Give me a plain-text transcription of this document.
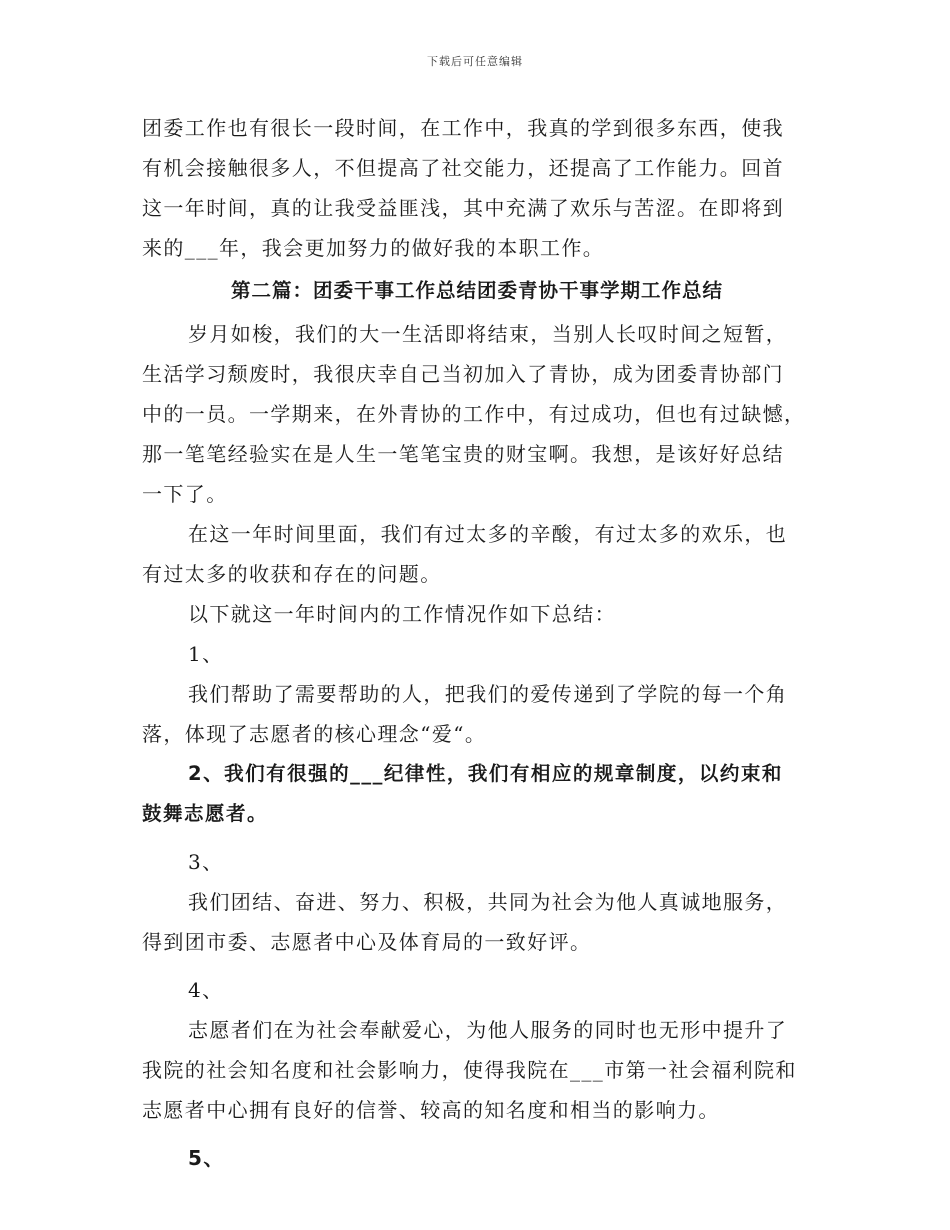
下载后可任意编辑
团委工作也有很长一段时间，在工作中，我真的学到很多东西，使我
有机会接触很多人，不但提高了社交能力，还提高了工作能力。回首
这一年时间，真的让我受益匪浅，其中充满了欢乐与苦涩。在即将到
来的___年，我会更加努力的做好我的本职工作。
第二篇：团委干事工作总结团委青协干事学期工作总结
岁月如梭，我们的大一生活即将结束，当别人长叹时间之短暂，
生活学习颓废时，我很庆幸自己当初加入了青协，成为团委青协部门
中的一员。一学期来，在外青协的工作中，有过成功，但也有过缺憾，
那一笔笔经验实在是人生一笔笔宝贵的财宝啊。我想，是该好好总结
一下了。
在这一年时间里面，我们有过太多的辛酸，有过太多的欢乐，也
有过太多的收获和存在的问题。
以下就这一年时间内的工作情况作如下总结：
1、
我们帮助了需要帮助的人，把我们的爱传递到了学院的每一个角
落，体现了志愿者的核心理念“爱“。
2、我们有很强的___纪律性，我们有相应的规章制度，以约束和
鼓舞志愿者。
3、
我们团结、奋进、努力、积极，共同为社会为他人真诚地服务，
得到团市委、志愿者中心及体育局的一致好评。
4、
志愿者们在为社会奉献爱心，为他人服务的同时也无形中提升了
我院的社会知名度和社会影响力，使得我院在___市第一社会福利院和
志愿者中心拥有良好的信誉、较高的知名度和相当的影响力。
5、
